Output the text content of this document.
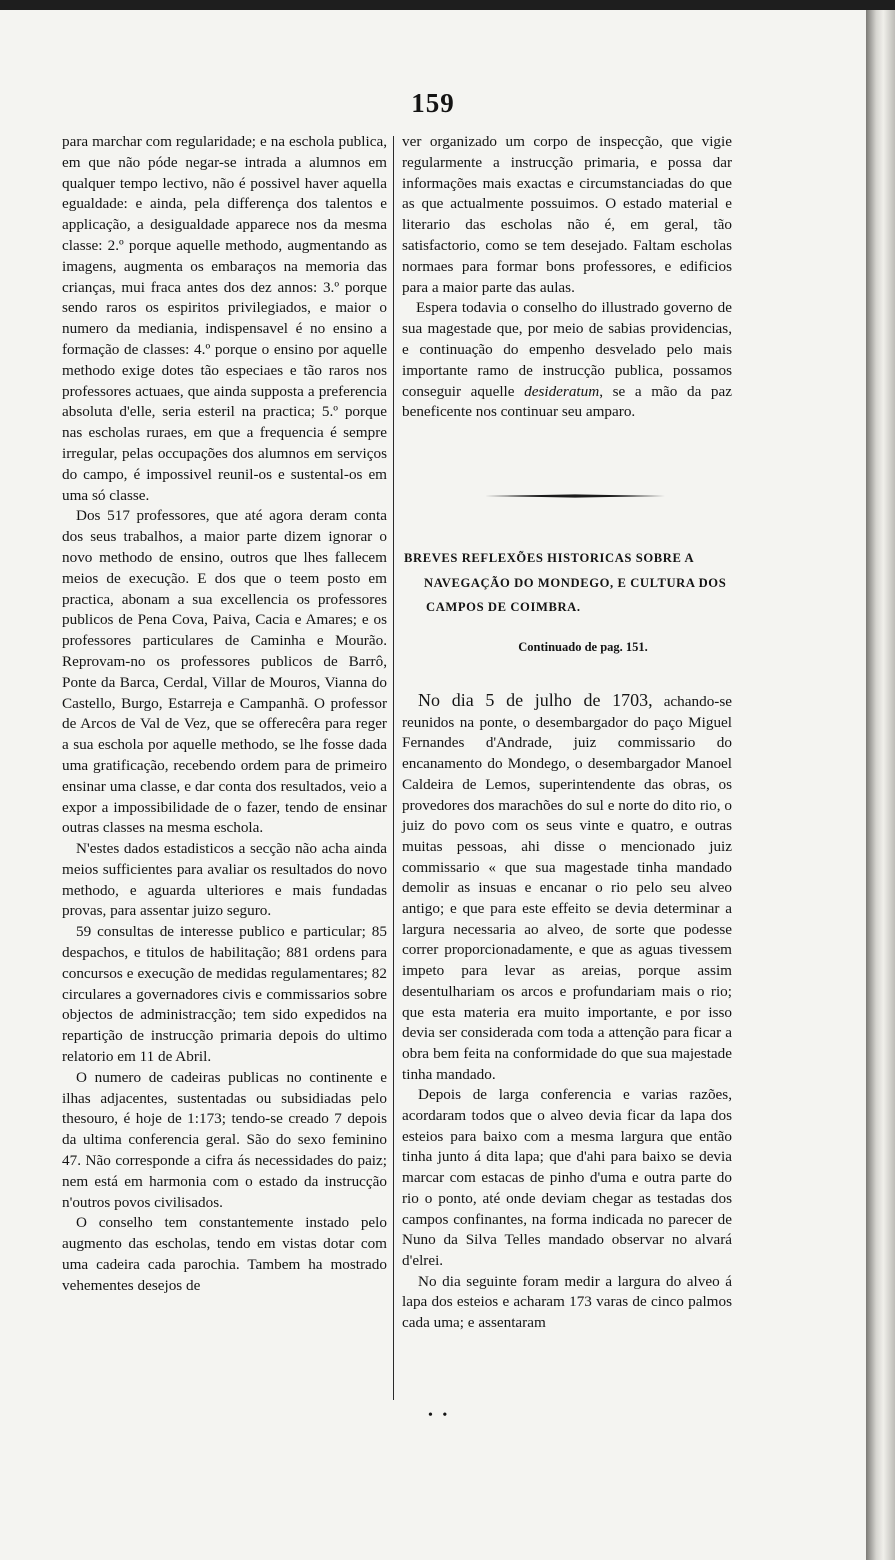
159

para marchar com regularidade; e na eschola publica, em que não póde negar-se intrada a alumnos em qualquer tempo lectivo, não é possivel haver aquella egualdade: e ainda, pela differença dos talentos e applicação, a desigualdade apparece nos da mesma classe: 2.º porque aquelle methodo, augmentando as imagens, augmenta os embaraços na memoria das crianças, mui fraca antes dos dez annos: 3.º porque sendo raros os espiritos privilegiados, e maior o numero da mediania, indispensavel é no ensino a formação de classes: 4.º porque o ensino por aquelle methodo exige dotes tão especiaes e tão raros nos professores actuaes, que ainda supposta a preferencia absoluta d'elle, seria esteril na practica; 5.º porque nas escholas ruraes, em que a frequencia é sempre irregular, pelas occupações dos alumnos em serviços do campo, é impossivel reunil-os e sustental-os em uma só classe.

Dos 517 professores, que até agora deram conta dos seus trabalhos, a maior parte dizem ignorar o novo methodo de ensino, outros que lhes fallecem meios de execução. E dos que o teem posto em practica, abonam a sua excellencia os professores publicos de Pena Cova, Paiva, Cacia e Amares; e os professores particulares de Caminha e Mourão. Reprovam-no os professores publicos de Barrô, Ponte da Barca, Cerdal, Villar de Mouros, Vianna do Castello, Burgo, Estarreja e Campanhã. O professor de Arcos de Val de Vez, que se offerecêra para reger a sua eschola por aquelle methodo, se lhe fosse dada uma gratificação, recebendo ordem para de primeiro ensinar uma classe, e dar conta dos resultados, veio a expor a impossibilidade de o fazer, tendo de ensinar outras classes na mesma eschola.

N'estes dados estadisticos a secção não acha ainda meios sufficientes para avaliar os resultados do novo methodo, e aguarda ulteriores e mais fundadas provas, para assentar juizo seguro.

59 consultas de interesse publico e particular; 85 despachos, e titulos de habilitação; 881 ordens para concursos e execução de medidas regulamentares; 82 circulares a governadores civis e commissarios sobre objectos de administracção; tem sido expedidos na repartição de instrucção primaria depois do ultimo relatorio em 11 de Abril.

O numero de cadeiras publicas no continente e ilhas adjacentes, sustentadas ou subsidiadas pelo thesouro, é hoje de 1:173; tendo-se creado 7 depois da ultima conferencia geral. São do sexo feminino 47. Não corresponde a cifra ás necessidades do paiz; nem está em harmonia com o estado da instrucção n'outros povos civilisados.

O conselho tem constantemente instado pelo augmento das escholas, tendo em vistas dotar com uma cadeira cada parochia. Tambem ha mostrado vehementes desejos de

ver organizado um corpo de inspecção, que vigie regularmente a instrucção primaria, e possa dar informações mais exactas e circumstanciadas do que as que actualmente possuimos. O estado material e literario das escholas não é, em geral, tão satisfactorio, como se tem desejado. Faltam escholas normaes para formar bons professores, e edificios para a maior parte das aulas.

Espera todavia o conselho do illustrado governo de sua magestade que, por meio de sabias providencias, e continuação do empenho desvelado pelo mais importante ramo de instrucção publica, possamos conseguir aquelle desideratum, se a mão da paz beneficente nos continuar seu amparo.

BREVES REFLEXÕES HISTORICAS SOBRE A
NAVEGAÇÃO DO MONDEGO, E CULTURA DOS
CAMPOS DE COIMBRA.
Continuado de pag. 151.

No dia 5 de julho de 1703, achando-se reunidos na ponte, o desembargador do paço Miguel Fernandes d'Andrade, juiz commissario do encanamento do Mondego, o desembargador Manoel Caldeira de Lemos, superintendente das obras, os provedores dos marachões do sul e norte do dito rio, o juiz do povo com os seus vinte e quatro, e outras muitas pessoas, ahi disse o mencionado juiz commissario « que sua magestade tinha mandado demolir as insuas e encanar o rio pelo seu alveo antigo; e que para este effeito se devia determinar a largura necessaria ao alveo, de sorte que podesse correr proporcionadamente, e que as aguas tivessem impeto para levar as areias, porque assim desentulhariam os arcos e profundariam mais o rio; que esta materia era muito importante, e por isso devia ser considerada com toda a attenção para ficar a obra bem feita na conformidade do que sua majestade tinha mandado.

Depois de larga conferencia e varias razões, acordaram todos que o alveo devia ficar da lapa dos esteios para baixo com a mesma largura que então tinha junto á dita lapa; que d'ahi para baixo se devia marcar com estacas de pinho d'uma e outra parte do rio o ponto, até onde deviam chegar as testadas dos campos confinantes, na forma indicada no parecer de Nuno da Silva Telles mandado observar no alvará d'elrei.

No dia seguinte foram medir a largura do alveo á lapa dos esteios e acharam 173 varas de cinco palmos cada uma; e assentaram

• •
